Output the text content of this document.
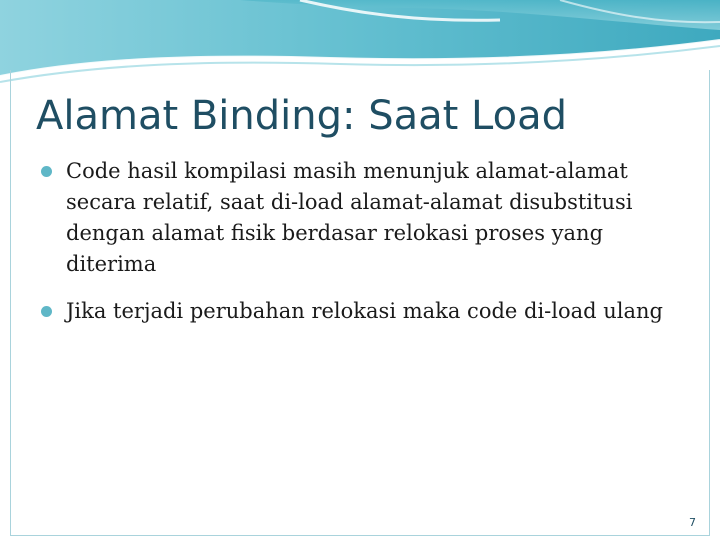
Alamat Binding: Saat Load
Code hasil kompilasi masih menunjuk alamat-alamat secara relatif, saat di-load alamat-alamat disubstitusi dengan alamat fisik berdasar relokasi proses yang diterima
Jika terjadi perubahan relokasi maka code di-load ulang
7
